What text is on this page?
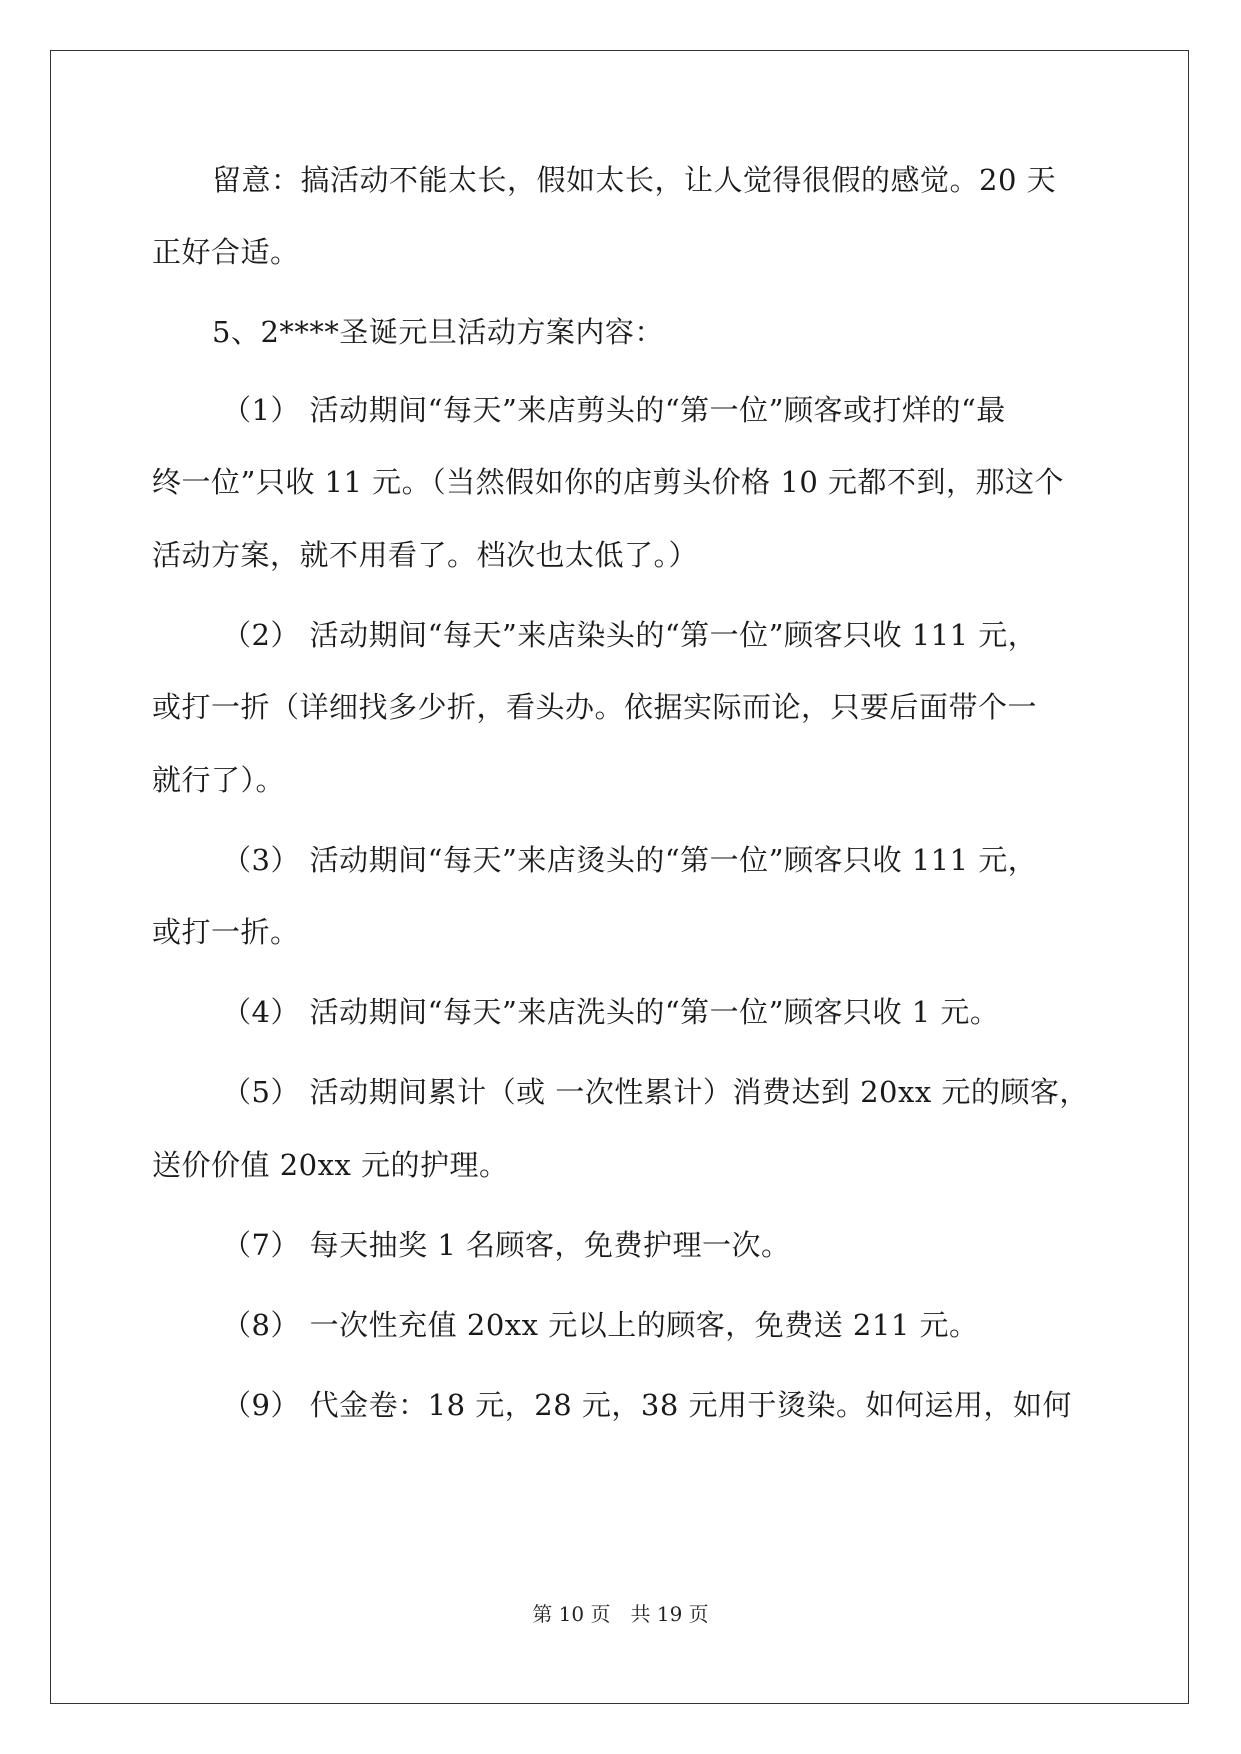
留意：搞活动不能太长，假如太长，让人觉得很假的感觉。20 天
正好合适。
5、2****圣诞元旦活动方案内容：
（1） 活动期间“每天”来店剪头的“第一位”顾客或打烊的“最
终一位”只收 11 元。（当然假如你的店剪头价格 10 元都不到，那这个
活动方案，就不用看了。档次也太低了。）
（2） 活动期间“每天”来店染头的“第一位”顾客只收 111 元，
或打一折（详细找多少折，看头办。依据实际而论，只要后面带个一
就行了）。
（3） 活动期间“每天”来店烫头的“第一位”顾客只收 111 元，
或打一折。
（4） 活动期间“每天”来店洗头的“第一位”顾客只收 1 元。
（5） 活动期间累计（或 一次性累计）消费达到 20xx 元的顾客，
送价价值 20xx 元的护理。
（7） 每天抽奖 1 名顾客，免费护理一次。
（8） 一次性充值 20xx 元以上的顾客，免费送 211 元。
（9） 代金卷：18 元，28 元，38 元用于烫染。如何运用，如何
第 10 页　共 19 页
